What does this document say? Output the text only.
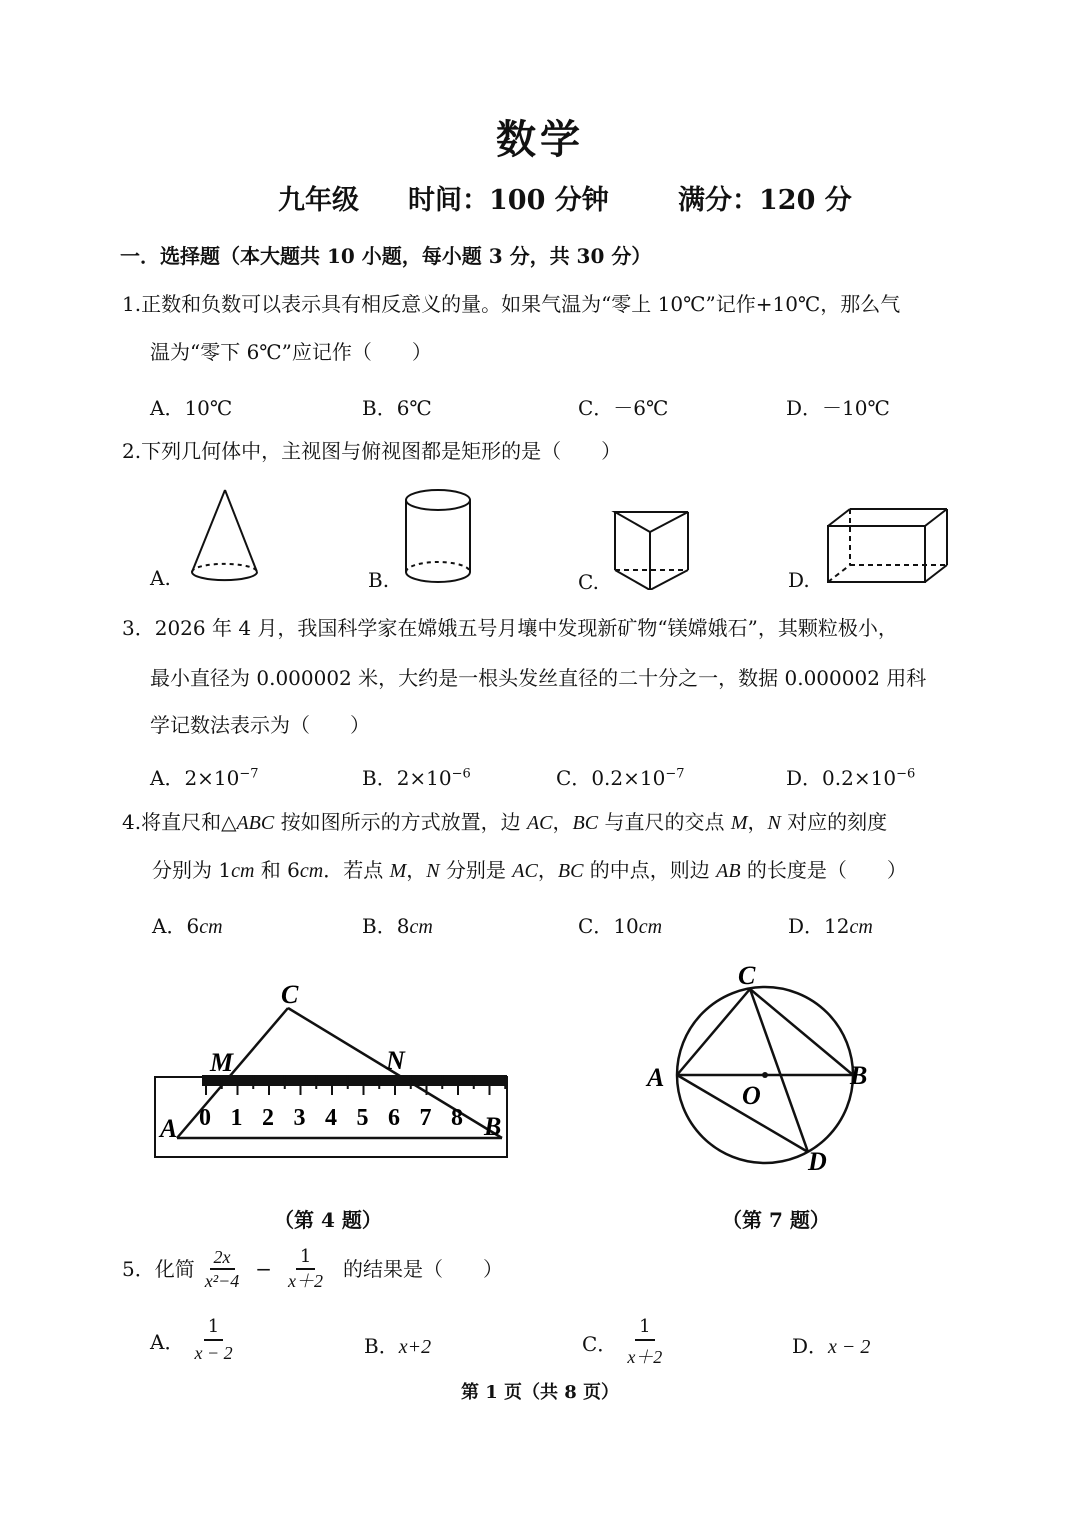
数学
九年级 时间：100 分钟	满分：120 分
一．选择题（本大题共 10 小题，每小题 3 分，共 30 分）
1.正数和负数可以表示具有相反意义的量。如果气温为“零上 10℃”记作+10℃，那么气
温为“零下 6℃”应记作（　　）
A．10℃	B．6℃	C．－6℃	D．－10℃
2.下列几何体中，主视图与俯视图都是矩形的是（　　）
A.	B.	C.	D.
3．2026 年 4 月，我国科学家在嫦娥五号月壤中发现新矿物“镁嫦娥石”，其颗粒极小，
最小直径为 0.000002 米，大约是一根头发丝直径的二十分之一，数据 0.000002 用科
学记数法表示为（　　）
A．$2\times 10^{-7}$	B．$2\times 10^{-6}$	C．$0.2\times 10^{-7}$	D．$0.2\times 10^{-6}$
4.将直尺和△ABC 按如图所示的方式放置，边 AC，BC 与直尺的交点 M，N 对应的刻度
分别为 1cm 和 6cm．若点 M，N 分别是 AC，BC 的中点，则边 AB 的长度是（　　）
A．6cm	B．8cm	C．10cm	D．12cm
C
M	N
A	B
0 1 2 3 4 5 6 7 8
（第 4 题）
C
A	B
O
D
（第 7 题）
5．化简 $\frac{2x}{\text{x²−4}} - \frac{1}{x+2}$ 的结果是（　　）
A． $\frac{1}{x - 2}$	B．x+2	C． $\frac{1}{x+2}$	D．x − 2
第 1 页（共 8 页）
